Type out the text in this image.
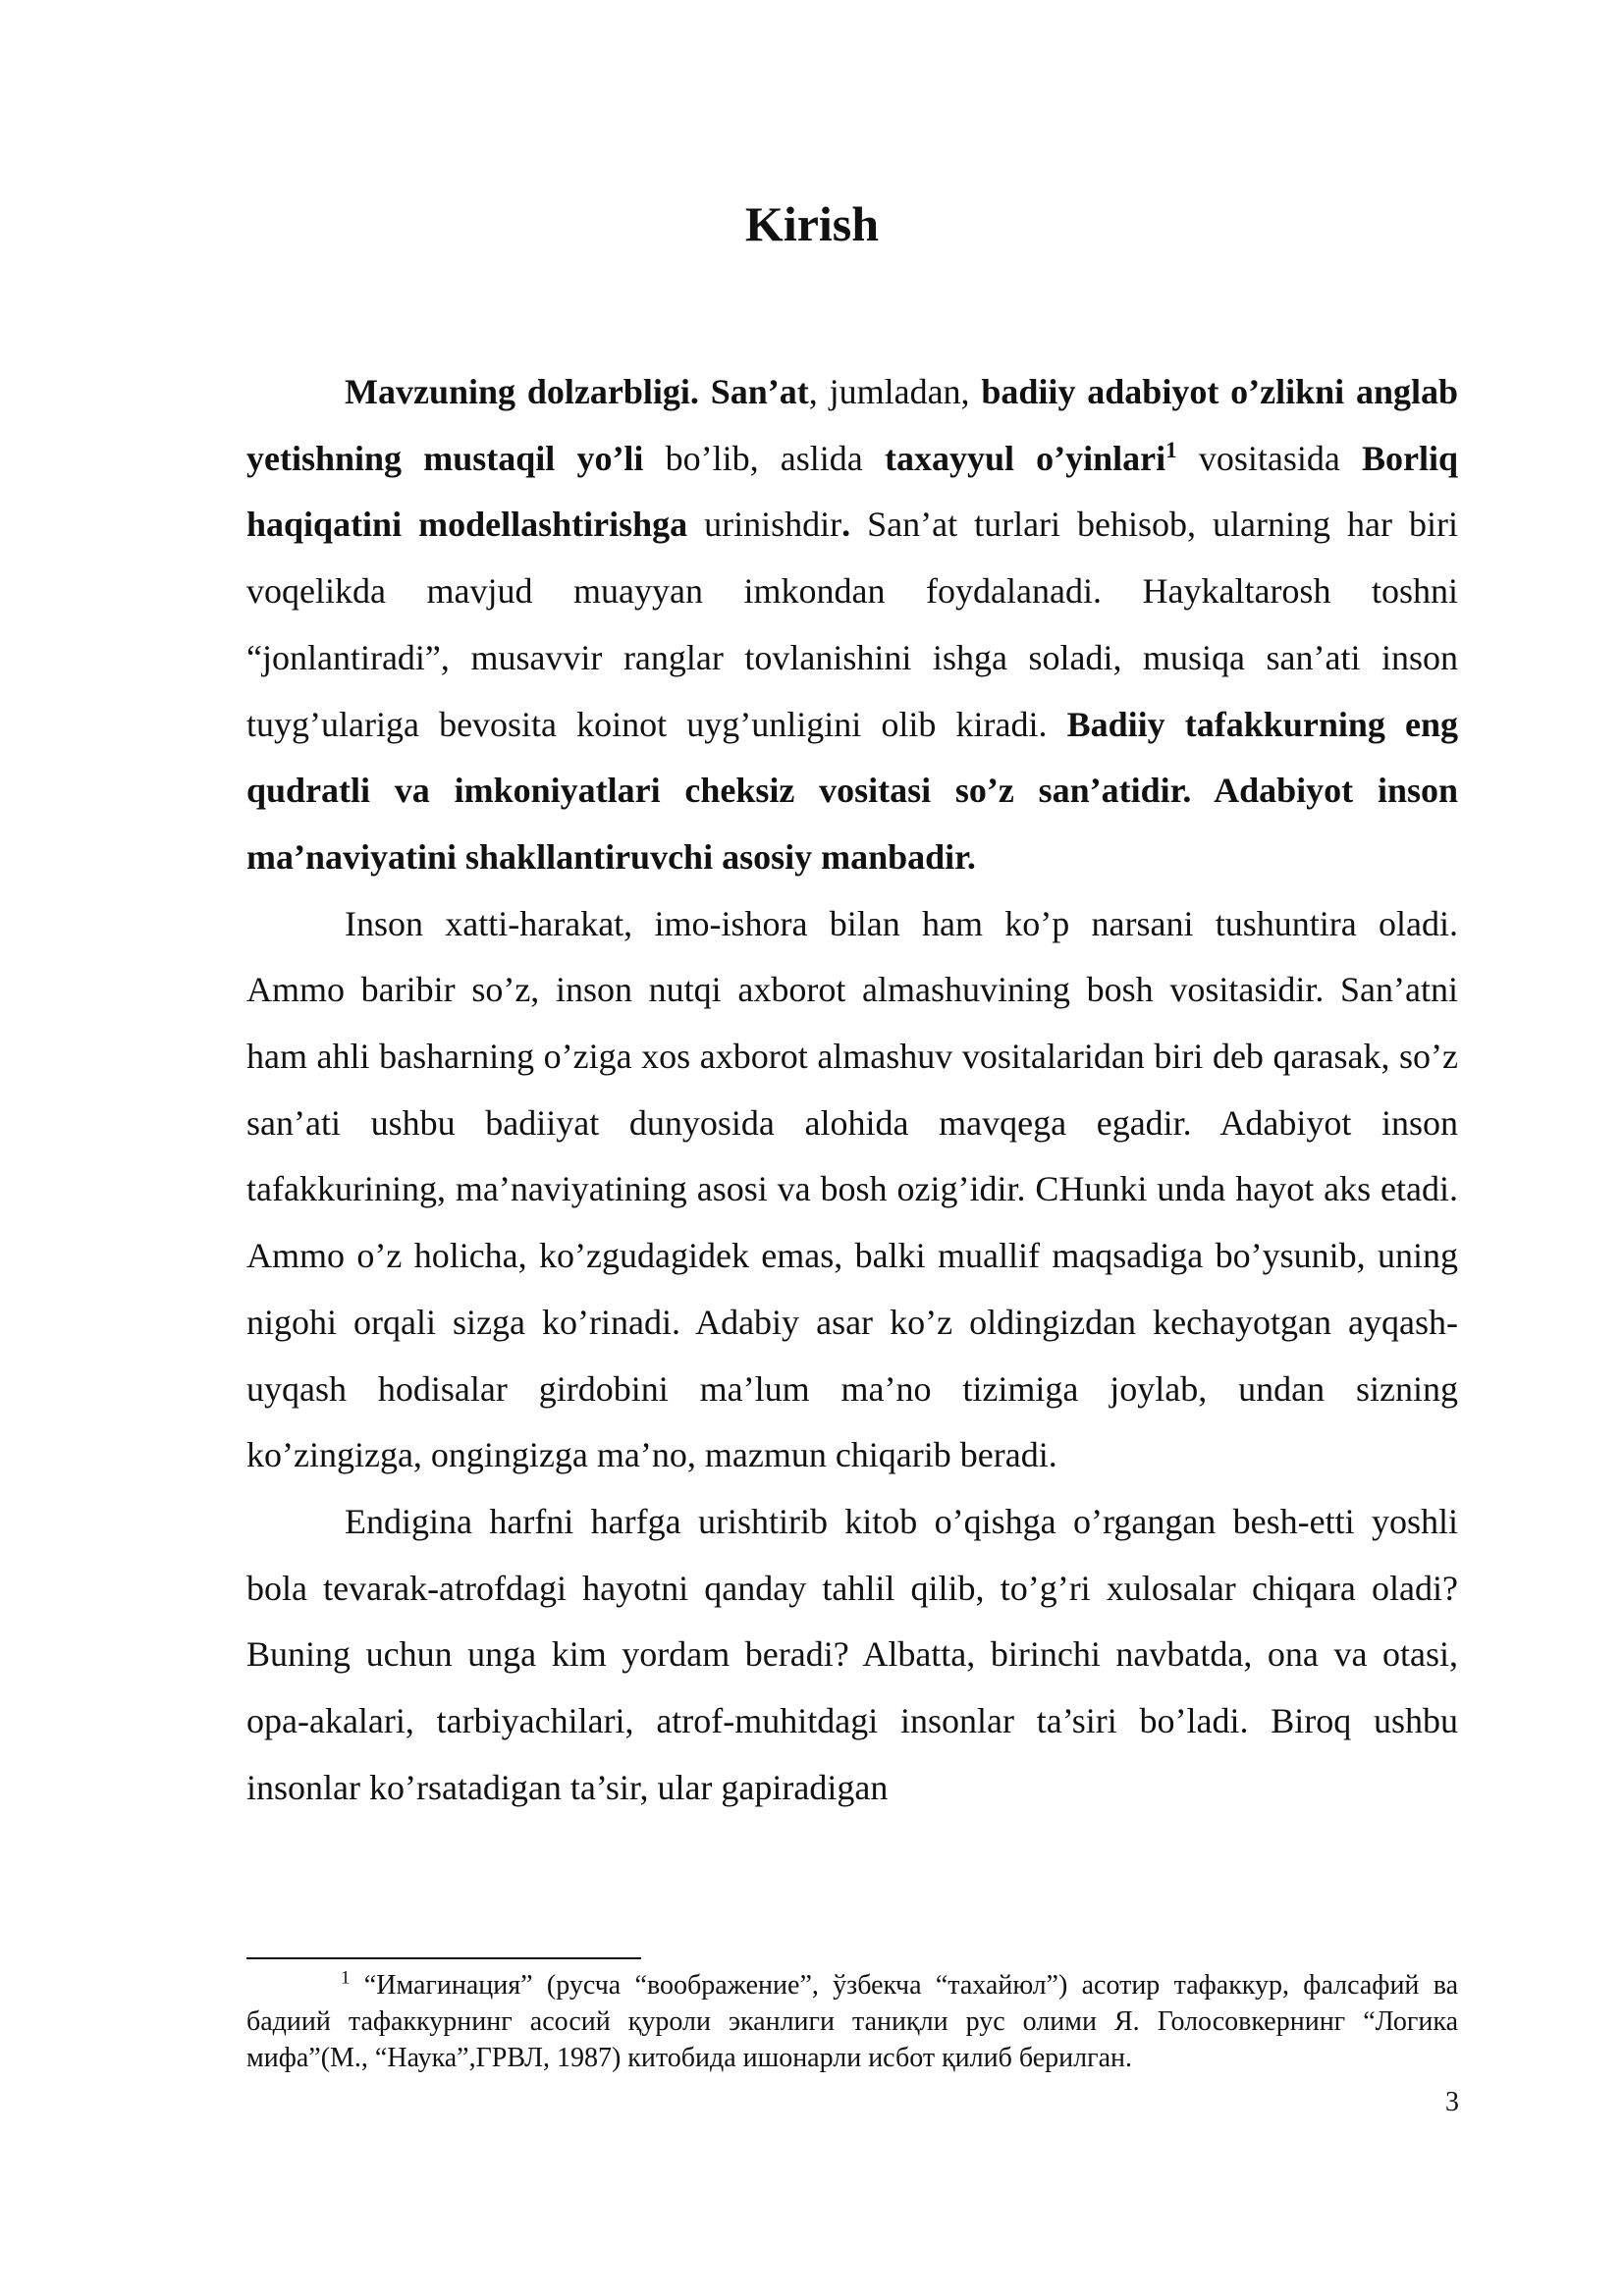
Kirish

Mavzuning dolzarbligi. San’at, jumladan, badiiy adabiyot o’zlikni anglab yetishning mustaqil yo’li bo’lib, aslida taxayyul o’yinlari$^1$ vositasida Borliq haqiqatini modellashtirishga urinishdir. San’at turlari behisob, ularning har biri voqelikda mavjud muayyan imkondan foydalanadi. Haykaltarosh toshni “jonlantiradi”, musavvir ranglar tovlanishini ishga soladi, musiqa san’ati inson tuyg’ulariga bevosita koinot uyg’unligini olib kiradi. Badiiy tafakkurning eng qudratli va imkoniyatlari cheksiz vositasi so’z san’atidir. Adabiyot inson ma’naviyatini shakllantiruvchi asosiy manbadir.

Inson xatti-harakat, imo-ishora bilan ham ko’p narsani tushuntira oladi. Ammo baribir so’z, inson nutqi axborot almashuvining bosh vositasidir. San’atni ham ahli basharning o’ziga xos axborot almashuv vositalaridan biri deb qarasak, so’z san’ati ushbu badiiyat dunyosida alohida mavqega egadir. Adabiyot inson tafakkurining, ma’naviyatining asosi va bosh ozig’idir. CHunki unda hayot aks etadi. Ammo o’z holicha, ko’zgudagidek emas, balki muallif maqsadiga bo’ysunib, uning nigohi orqali sizga ko’rinadi. Adabiy asar ko’z oldingizdan kechayotgan ayqash-uyqash hodisalar girdobini ma’lum ma’no tizimiga joylab, undan sizning ko’zingizga, ongingizga ma’no, mazmun chiqarib beradi.

Endigina harfni harfga urishtirib kitob o’qishga o’rgangan besh-etti yoshli bola tevarak-atrofdagi hayotni qanday tahlil qilib, to’g’ri xulosalar chiqara oladi? Buning uchun unga kim yordam beradi? Albatta, birinchi navbatda, ona va otasi, opa-akalari, tarbiyachilari, atrof-muhitdagi insonlar ta’siri bo’ladi. Biroq ushbu insonlar ko’rsatadigan ta’sir, ular gapiradigan

$^1$ “Имагинация” (русча “воображение”, ўзбекча “тахайюл”) асотир тафаккур, фалсафий ва бадиий тафаккурнинг асосий қуроли эканлиги таниқли рус олими Я. Голосовкернинг “Логика мифа”(М., “Наука”,ГРВЛ, 1987) китобида ишонарли исбот қилиб берилган.

3
